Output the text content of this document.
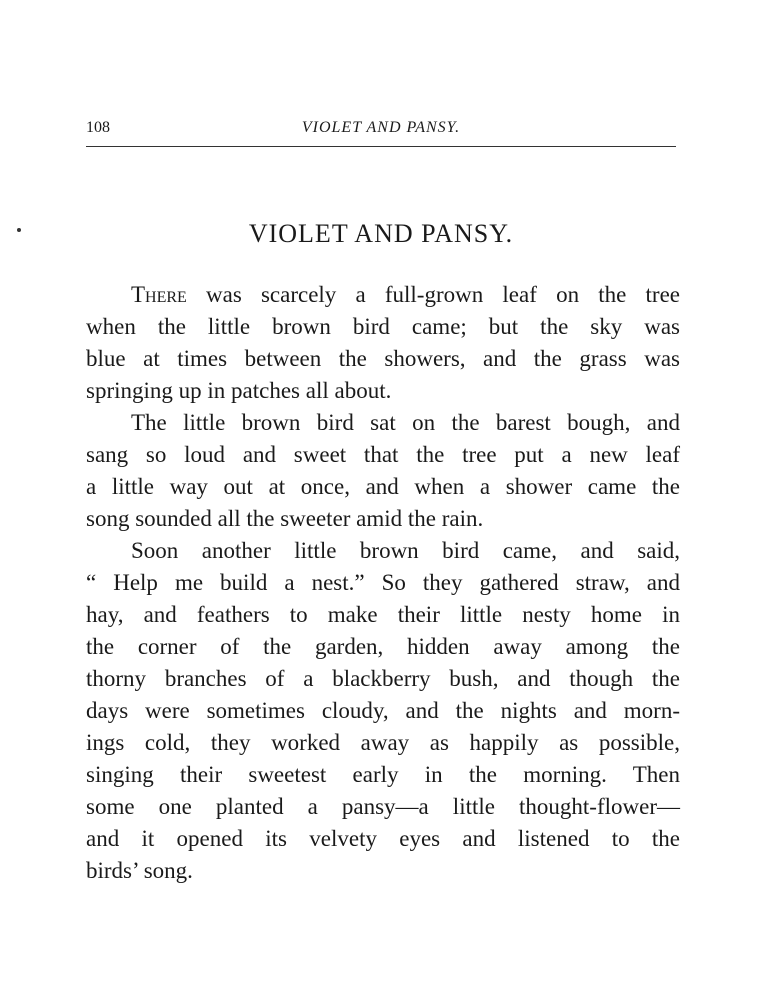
108	VIOLET AND PANSY.
VIOLET AND PANSY.

There was scarcely a full-grown leaf on the tree
when the little brown bird came; but the sky was
blue at times between the showers, and the grass was
springing up in patches all about.

The little brown bird sat on the barest bough, and
sang so loud and sweet that the tree put a new leaf
a little way out at once, and when a shower came the
song sounded all the sweeter amid the rain.

Soon another little brown bird came, and said,
“ Help me build a nest.” So they gathered straw, and
hay, and feathers to make their little nesty home in
the corner of the garden, hidden away among the
thorny branches of a blackberry bush, and though the
days were sometimes cloudy, and the nights and morn-
ings cold, they worked away as happily as possible,
singing their sweetest early in the morning. Then
some one planted a pansy—a little thought-flower—
and it opened its velvety eyes and listened to the
birds’ song.
